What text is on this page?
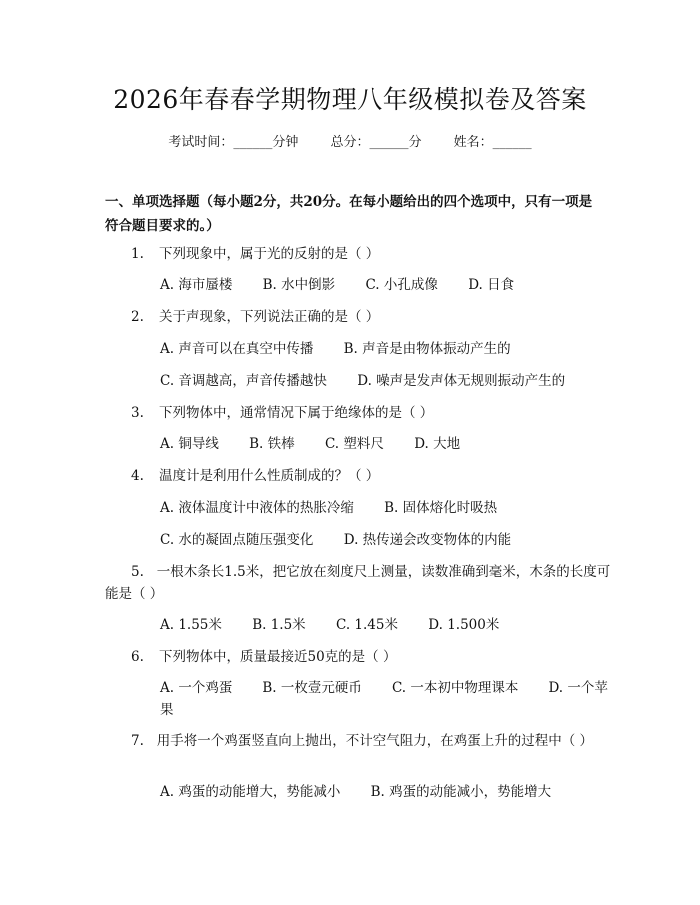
2026年春春学期物理八年级模拟卷及答案
考试时间：______分钟 总分：______分 姓名：______
一、单项选择题（每小题2分，共20分。在每小题给出的四个选项中，只有一项是符合题目要求的。）
1. 下列现象中，属于光的反射的是（ ）
A. 海市蜃楼 B. 水中倒影 C. 小孔成像 D. 日食
2. 关于声现象，下列说法正确的是（ ）
A. 声音可以在真空中传播 B. 声音是由物体振动产生的
C. 音调越高，声音传播越快 D. 噪声是发声体无规则振动产生的
3. 下列物体中，通常情况下属于绝缘体的是（ ）
A. 铜导线 B. 铁棒 C. 塑料尺 D. 大地
4. 温度计是利用什么性质制成的？（ ）
A. 液体温度计中液体的热胀冷缩 B. 固体熔化时吸热
C. 水的凝固点随压强变化 D. 热传递会改变物体的内能
5. 一根木条长1.5米，把它放在刻度尺上测量，读数准确到毫米，木条的长度可能是（ ）
A. 1.55米 B. 1.5米 C. 1.45米 D. 1.500米
6. 下列物体中，质量最接近50克的是（ ）
A. 一个鸡蛋 B. 一枚壹元硬币 C. 一本初中物理课本 D. 一个苹果
7. 用手将一个鸡蛋竖直向上抛出，不计空气阻力，在鸡蛋上升的过程中（ ）
A. 鸡蛋的动能增大，势能减小 B. 鸡蛋的动能减小，势能增大
